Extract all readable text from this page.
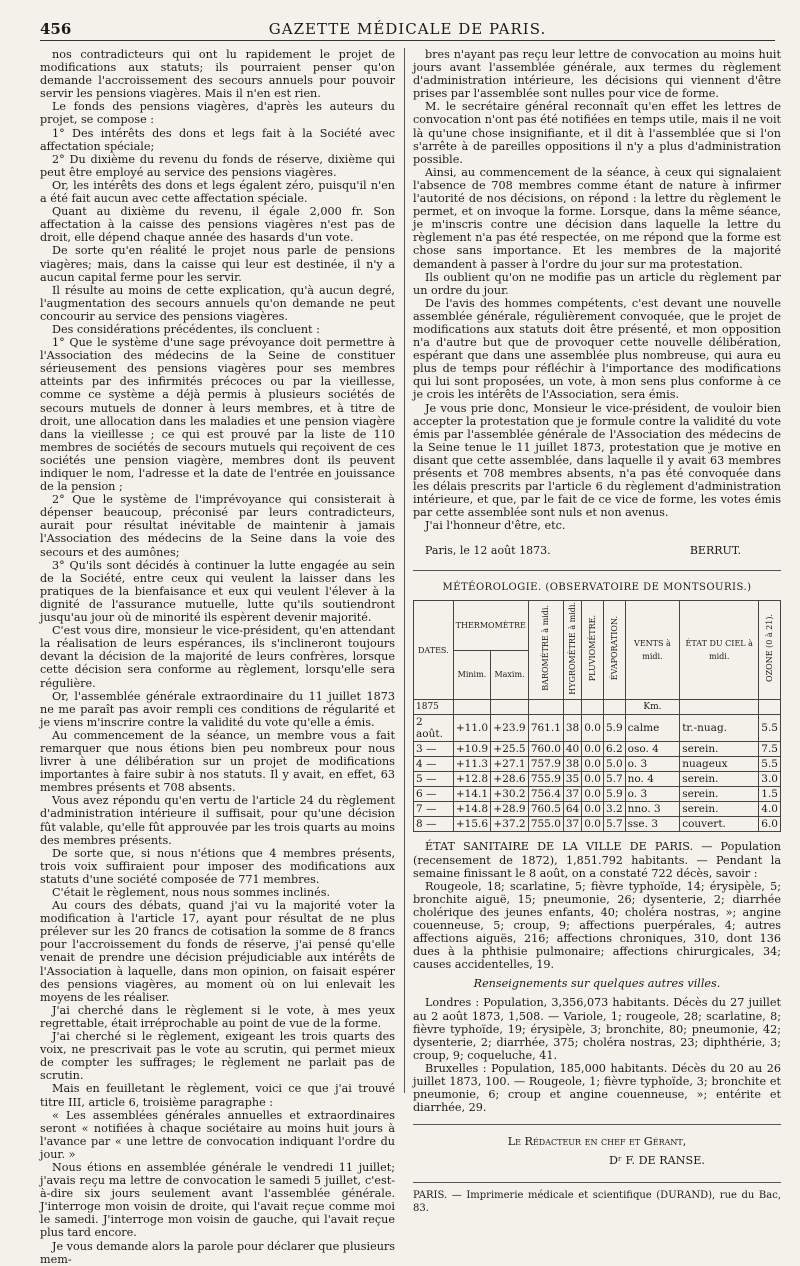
456	GAZETTE MÉDICALE DE PARIS.

nos contradicteurs qui ont lu rapidement le projet de modifications aux statuts; ils pourraient penser qu'on demande l'accroissement des secours annuels pour pouvoir servir les pensions viagères. Mais il n'en est rien.

Le fonds des pensions viagères, d'après les auteurs du projet, se compose :

1° Des intérêts des dons et legs fait à la Société avec affectation spéciale;

2° Du dixième du revenu du fonds de réserve, dixième qui peut être employé au service des pensions viagères.

Or, les intérêts des dons et legs égalent zéro, puisqu'il n'en a été fait aucun avec cette affectation spéciale.

Quant au dixième du revenu, il égale 2,000 fr. Son affectation à la caisse des pensions viagères n'est pas de droit, elle dépend chaque année des hasards d'un vote.

De sorte qu'en réalité le projet nous parle de pensions viagères; mais, dans la caisse qui leur est destinée, il n'y a aucun capital ferme pour les servir.

Il résulte au moins de cette explication, qu'à aucun degré, l'augmentation des secours annuels qu'on demande ne peut concourir au service des pensions viagères.

Des considérations précédentes, ils concluent :

1° Que le système d'une sage prévoyance doit permettre à l'Association des médecins de la Seine de constituer sérieusement des pensions viagères pour ses membres atteints par des infirmités précoces ou par la vieillesse, comme ce système a déjà permis à plusieurs sociétés de secours mutuels de donner à leurs membres, et à titre de droit, une allocation dans les maladies et une pension viagère dans la vieillesse ; ce qui est prouvé par la liste de 110 membres de sociétés de secours mutuels qui reçoivent de ces sociétés une pension viagère, membres dont ils peuvent indiquer le nom, l'adresse et la date de l'entrée en jouissance de la pension ;

2° Que le système de l'imprévoyance qui consisterait à dépenser beaucoup, préconisé par leurs contradicteurs, aurait pour résultat inévitable de maintenir à jamais l'Association des médecins de la Seine dans la voie des secours et des aumônes;

3° Qu'ils sont décidés à continuer la lutte engagée au sein de la Société, entre ceux qui veulent la laisser dans les pratiques de la bienfaisance et eux qui veulent l'élever à la dignité de l'assurance mutuelle, lutte qu'ils soutiendront jusqu'au jour où de minorité ils espèrent devenir majorité.

C'est vous dire, monsieur le vice-président, qu'en attendant la réalisation de leurs espérances, ils s'inclineront toujours devant la décision de la majorité de leurs confrères, lorsque cette décision sera conforme au règlement, lorsqu'elle sera régulière.

Or, l'assemblée générale extraordinaire du 11 juillet 1873 ne me paraît pas avoir rempli ces conditions de régularité et je viens m'inscrire contre la validité du vote qu'elle a émis.

Au commencement de la séance, un membre vous a fait remarquer que nous étions bien peu nombreux pour nous livrer à une délibération sur un projet de modifications importantes à faire subir à nos statuts. Il y avait, en effet, 63 membres présents et 708 absents.

Vous avez répondu qu'en vertu de l'article 24 du règlement d'administration intérieure il suffisait, pour qu'une décision fût valable, qu'elle fût approuvée par les trois quarts au moins des membres présents.

De sorte que, si nous n'étions que 4 membres présents, trois voix suffiraient pour imposer des modifications aux statuts d'une société composée de 771 membres.

C'était le règlement, nous nous sommes inclinés.

Au cours des débats, quand j'ai vu la majorité voter la modification à l'article 17, ayant pour résultat de ne plus prélever sur les 20 francs de cotisation la somme de 8 francs pour l'accroissement du fonds de réserve, j'ai pensé qu'elle venait de prendre une décision préjudiciable aux intérêts de l'Association à laquelle, dans mon opinion, on faisait espérer des pensions viagères, au moment où on lui enlevait les moyens de les réaliser.

J'ai cherché dans le règlement si le vote, à mes yeux regrettable, était irréprochable au point de vue de la forme.

J'ai cherché si le règlement, exigeant les trois quarts des voix, ne prescrivait pas le vote au scrutin, qui permet mieux de compter les suffrages; le règlement ne parlait pas de scrutin.

Mais en feuilletant le règlement, voici ce que j'ai trouvé titre III, article 6, troisième paragraphe :

« Les assemblées générales annuelles et extraordinaires seront « notifiées à chaque sociétaire au moins huit jours à l'avance par « une lettre de convocation indiquant l'ordre du jour. »

Nous étions en assemblée générale le vendredi 11 juillet; j'avais reçu ma lettre de convocation le samedi 5 juillet, c'est-à-dire six jours seulement avant l'assemblée générale. J'interroge mon voisin de droite, qui l'avait reçue comme moi le samedi. J'interroge mon voisin de gauche, qui l'avait reçue plus tard encore.

Je vous demande alors la parole pour déclarer que plusieurs mem-

bres n'ayant pas reçu leur lettre de convocation au moins huit jours avant l'assemblée générale, aux termes du règlement d'administration intérieure, les décisions qui viennent d'être prises par l'assemblée sont nulles pour vice de forme.

M. le secrétaire général reconnaît qu'en effet les lettres de convocation n'ont pas été notifiées en temps utile, mais il ne voit là qu'une chose insignifiante, et il dit à l'assemblée que si l'on s'arrête à de pareilles oppositions il n'y a plus d'administration possible.

Ainsi, au commencement de la séance, à ceux qui signalaient l'absence de 708 membres comme étant de nature à infirmer l'autorité de nos décisions, on répond : la lettre du règlement le permet, et on invoque la forme. Lorsque, dans la même séance, je m'inscris contre une décision dans laquelle la lettre du règlement n'a pas été respectée, on me répond que la forme est chose sans importance. Et les membres de la majorité demandent à passer à l'ordre du jour sur ma protestation.

Ils oublient qu'on ne modifie pas un article du règlement par un ordre du jour.

De l'avis des hommes compétents, c'est devant une nouvelle assemblée générale, régulièrement convoquée, que le projet de modifications aux statuts doit être présenté, et mon opposition n'a d'autre but que de provoquer cette nouvelle délibération, espérant que dans une assemblée plus nombreuse, qui aura eu plus de temps pour réfléchir à l'importance des modifications qui lui sont proposées, un vote, à mon sens plus conforme à ce je crois les intérêts de l'Association, sera émis.

Je vous prie donc, Monsieur le vice-président, de vouloir bien accepter la protestation que je formule contre la validité du vote émis par l'assemblée générale de l'Association des médecins de la Seine tenue le 11 juillet 1873, protestation que je motive en disant que cette assemblée, dans laquelle il y avait 63 membres présents et 708 membres absents, n'a pas été convoquée dans les délais prescrits par l'article 6 du règlement d'administration intérieure, et que, par le fait de ce vice de forme, les votes émis par cette assemblée sont nuls et non avenus.

J'ai l'honneur d'être, etc.

Paris, le 12 août 1873.	BERRUT.
MÉTÉOROLOGIE. (OBSERVATOIRE DE MONTSOURIS.)
DATES.	THERMOMÈTRE		BAROMÈTRE à midi.	HYGROMÈTRE à midi.	PLUVIOMÈTRE.	ÉVAPORATION.	VENTS à midi.	ÉTAT DU CIEL à midi.	OZONE (0 à 21).
	Minim.	Maxim.							
1875							Km.		
2 août.	+11.0	+23.9	761.1	38	0.0	5.9	calme	tr.-nuag.	5.5
3 —	+10.9	+25.5	760.0	40	0.0	6.2	oso. 4	serein.	7.5
4 —	+11.3	+27.1	757.9	38	0.0	5.0	o. 3	nuageux	5.5
5 —	+12.8	+28.6	755.9	35	0.0	5.7	no. 4	serein.	3.0
6 —	+14.1	+30.2	756.4	37	0.0	5.9	o. 3	serein.	1.5
7 —	+14.8	+28.9	760.5	64	0.0	3.2	nno. 3	serein.	4.0
8 —	+15.6	+37.2	755.0	37	0.0	5.7	sse. 3	couvert.	6.0

ÉTAT SANITAIRE DE LA VILLE DE PARIS. — Population (recensement de 1872), 1,851.792 habitants. — Pendant la semaine finissant le 8 août, on a constaté 722 décès, savoir :

Rougeole, 18; scarlatine, 5; fièvre typhoïde, 14; érysipèle, 5; bronchite aiguë, 15; pneumonie, 26; dysenterie, 2; diarrhée cholérique des jeunes enfants, 40; choléra nostras, »; angine couenneuse, 5; croup, 9; affections puerpérales, 4; autres affections aiguës, 216; affections chroniques, 310, dont 136 dues à la phthisie pulmonaire; affections chirurgicales, 34; causes accidentelles, 19.

Renseignements sur quelques autres villes.

Londres : Population, 3,356,073 habitants. Décès du 27 juillet au 2 août 1873, 1,508. — Variole, 1; rougeole, 28; scarlatine, 8; fièvre typhoïde, 19; érysipèle, 3; bronchite, 80; pneumonie, 42; dysenterie, 2; diarrhée, 375; choléra nostras, 23; diphthérie, 3; croup, 9; coqueluche, 41.

Bruxelles : Population, 185,000 habitants. Décès du 20 au 26 juillet 1873, 100. — Rougeole, 1; fièvre typhoïde, 3; bronchite et pneumonie, 6; croup et angine couenneuse, »; entérite et diarrhée, 29.

Le Rédacteur en chef et Gérant,
Dʳ F. DE RANSE.
PARIS. — Imprimerie médicale et scientifique (DURAND), rue du Bac, 83.
